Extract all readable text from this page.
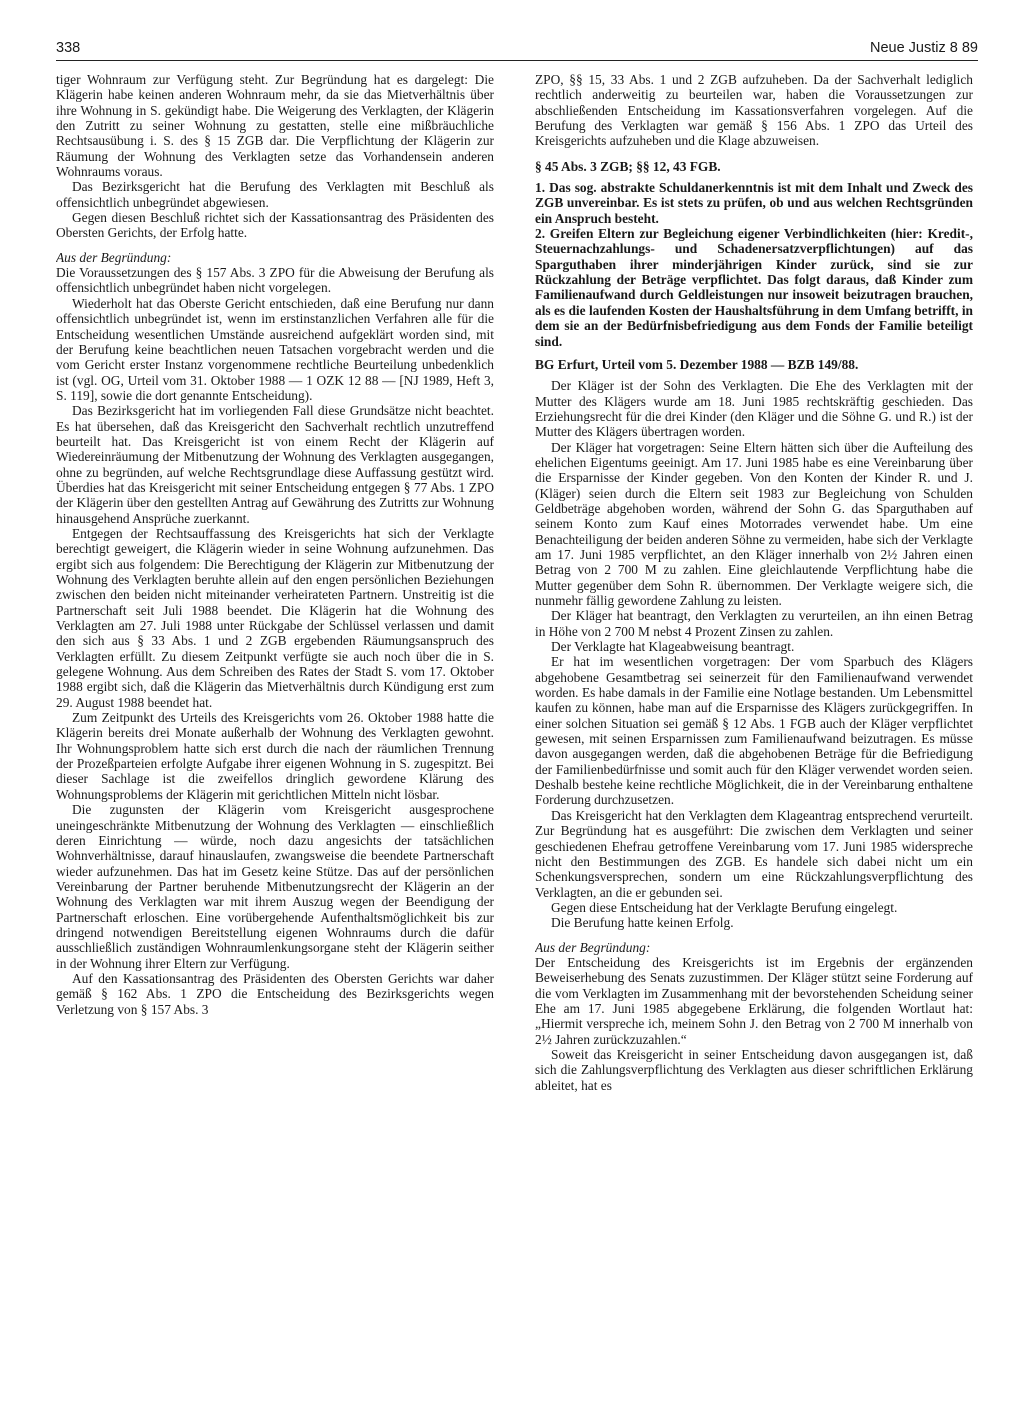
338	Neue Justiz 8 89

tiger Wohnraum zur Verfügung steht. Zur Begründung hat es dargelegt: Die Klägerin habe keinen anderen Wohnraum mehr, da sie das Mietverhältnis über ihre Wohnung in S. gekündigt habe. Die Weigerung des Verklagten, der Klägerin den Zutritt zu seiner Wohnung zu gestatten, stelle eine mißbräuchliche Rechtsausübung i. S. des § 15 ZGB dar. Die Verpflichtung der Klägerin zur Räumung der Wohnung des Verklagten setze das Vorhandensein anderen Wohnraums voraus.

Das Bezirksgericht hat die Berufung des Verklagten mit Beschluß als offensichtlich unbegründet abgewiesen.

Gegen diesen Beschluß richtet sich der Kassationsantrag des Präsidenten des Obersten Gerichts, der Erfolg hatte.

Aus der Begründung:

Die Voraussetzungen des § 157 Abs. 3 ZPO für die Abweisung der Berufung als offensichtlich unbegründet haben nicht vorgelegen.

Wiederholt hat das Oberste Gericht entschieden, daß eine Berufung nur dann offensichtlich unbegründet ist, wenn im erstinstanzlichen Verfahren alle für die Entscheidung wesentlichen Umstände ausreichend aufgeklärt worden sind, mit der Berufung keine beachtlichen neuen Tatsachen vorgebracht werden und die vom Gericht erster Instanz vorgenommene rechtliche Beurteilung unbedenklich ist (vgl. OG, Urteil vom 31. Oktober 1988 — 1 OZK 12 88 — [NJ 1989, Heft 3, S. 119], sowie die dort genannte Entscheidung).

Das Bezirksgericht hat im vorliegenden Fall diese Grundsätze nicht beachtet. Es hat übersehen, daß das Kreisgericht den Sachverhalt rechtlich unzutreffend beurteilt hat. Das Kreisgericht ist von einem Recht der Klägerin auf Wiedereinräumung der Mitbenutzung der Wohnung des Verklagten ausgegangen, ohne zu begründen, auf welche Rechtsgrundlage diese Auffassung gestützt wird. Überdies hat das Kreisgericht mit seiner Entscheidung entgegen § 77 Abs. 1 ZPO der Klägerin über den gestellten Antrag auf Gewährung des Zutritts zur Wohnung hinausgehend Ansprüche zuerkannt.

Entgegen der Rechtsauffassung des Kreisgerichts hat sich der Verklagte berechtigt geweigert, die Klägerin wieder in seine Wohnung aufzunehmen. Das ergibt sich aus folgendem: Die Berechtigung der Klägerin zur Mitbenutzung der Wohnung des Verklagten beruhte allein auf den engen persönlichen Beziehungen zwischen den beiden nicht miteinander verheirateten Partnern. Unstreitig ist die Partnerschaft seit Juli 1988 beendet. Die Klägerin hat die Wohnung des Verklagten am 27. Juli 1988 unter Rückgabe der Schlüssel verlassen und damit den sich aus § 33 Abs. 1 und 2 ZGB ergebenden Räumungsanspruch des Verklagten erfüllt. Zu diesem Zeitpunkt verfügte sie auch noch über die in S. gelegene Wohnung. Aus dem Schreiben des Rates der Stadt S. vom 17. Oktober 1988 ergibt sich, daß die Klägerin das Mietverhältnis durch Kündigung erst zum 29. August 1988 beendet hat.

Zum Zeitpunkt des Urteils des Kreisgerichts vom 26. Oktober 1988 hatte die Klägerin bereits drei Monate außerhalb der Wohnung des Verklagten gewohnt. Ihr Wohnungsproblem hatte sich erst durch die nach der räumlichen Trennung der Prozeßparteien erfolgte Aufgabe ihrer eigenen Wohnung in S. zugespitzt. Bei dieser Sachlage ist die zweifellos dringlich gewordene Klärung des Wohnungsproblems der Klägerin mit gerichtlichen Mitteln nicht lösbar.

Die zugunsten der Klägerin vom Kreisgericht ausgesprochene uneingeschränkte Mitbenutzung der Wohnung des Verklagten — einschließlich deren Einrichtung — würde, noch dazu angesichts der tatsächlichen Wohnverhältnisse, darauf hinauslaufen, zwangsweise die beendete Partnerschaft wieder aufzunehmen. Das hat im Gesetz keine Stütze. Das auf der persönlichen Vereinbarung der Partner beruhende Mitbenutzungsrecht der Klägerin an der Wohnung des Verklagten war mit ihrem Auszug wegen der Beendigung der Partnerschaft erloschen. Eine vorübergehende Aufenthaltsmöglichkeit bis zur dringend notwendigen Bereitstellung eigenen Wohnraums durch die dafür ausschließlich zuständigen Wohnraumlenkungsorgane steht der Klägerin seither in der Wohnung ihrer Eltern zur Verfügung.

Auf den Kassationsantrag des Präsidenten des Obersten Gerichts war daher gemäß § 162 Abs. 1 ZPO die Entscheidung des Bezirksgerichts wegen Verletzung von § 157 Abs. 3

ZPO, §§ 15, 33 Abs. 1 und 2 ZGB aufzuheben. Da der Sachverhalt lediglich rechtlich anderweitig zu beurteilen war, haben die Voraussetzungen zur abschließenden Entscheidung im Kassationsverfahren vorgelegen. Auf die Berufung des Verklagten war gemäß § 156 Abs. 1 ZPO das Urteil des Kreisgerichts aufzuheben und die Klage abzuweisen.

§ 45 Abs. 3 ZGB; §§ 12, 43 FGB.

1. Das sog. abstrakte Schuldanerkenntnis ist mit dem Inhalt und Zweck des ZGB unvereinbar. Es ist stets zu prüfen, ob und aus welchen Rechtsgründen ein Anspruch besteht.

2. Greifen Eltern zur Begleichung eigener Verbindlichkeiten (hier: Kredit-, Steuernachzahlungs- und Schadenersatzverpflichtungen) auf das Sparguthaben ihrer minderjährigen Kinder zurück, sind sie zur Rückzahlung der Beträge verpflichtet. Das folgt daraus, daß Kinder zum Familienaufwand durch Geldleistungen nur insoweit beizutragen brauchen, als es die laufenden Kosten der Haushaltsführung in dem Umfang betrifft, in dem sie an der Bedürfnisbefriedigung aus dem Fonds der Familie beteiligt sind.

BG Erfurt, Urteil vom 5. Dezember 1988 — BZB 149/88.

Der Kläger ist der Sohn des Verklagten. Die Ehe des Verklagten mit der Mutter des Klägers wurde am 18. Juni 1985 rechtskräftig geschieden. Das Erziehungsrecht für die drei Kinder (den Kläger und die Söhne G. und R.) ist der Mutter des Klägers übertragen worden.

Der Kläger hat vorgetragen: Seine Eltern hätten sich über die Aufteilung des ehelichen Eigentums geeinigt. Am 17. Juni 1985 habe es eine Vereinbarung über die Ersparnisse der Kinder gegeben. Von den Konten der Kinder R. und J. (Kläger) seien durch die Eltern seit 1983 zur Begleichung von Schulden Geldbeträge abgehoben worden, während der Sohn G. das Sparguthaben auf seinem Konto zum Kauf eines Motorrades verwendet habe. Um eine Benachteiligung der beiden anderen Söhne zu vermeiden, habe sich der Verklagte am 17. Juni 1985 verpflichtet, an den Kläger innerhalb von 2½ Jahren einen Betrag von 2 700 M zu zahlen. Eine gleichlautende Verpflichtung habe die Mutter gegenüber dem Sohn R. übernommen. Der Verklagte weigere sich, die nunmehr fällig gewordene Zahlung zu leisten.

Der Kläger hat beantragt, den Verklagten zu verurteilen, an ihn einen Betrag in Höhe von 2 700 M nebst 4 Prozent Zinsen zu zahlen.

Der Verklagte hat Klageabweisung beantragt.

Er hat im wesentlichen vorgetragen: Der vom Sparbuch des Klägers abgehobene Gesamtbetrag sei seinerzeit für den Familienaufwand verwendet worden. Es habe damals in der Familie eine Notlage bestanden. Um Lebensmittel kaufen zu können, habe man auf die Ersparnisse des Klägers zurückgegriffen. In einer solchen Situation sei gemäß § 12 Abs. 1 FGB auch der Kläger verpflichtet gewesen, mit seinen Ersparnissen zum Familienaufwand beizutragen. Es müsse davon ausgegangen werden, daß die abgehobenen Beträge für die Befriedigung der Familienbedürfnisse und somit auch für den Kläger verwendet worden seien. Deshalb bestehe keine rechtliche Möglichkeit, die in der Vereinbarung enthaltene Forderung durchzusetzen.

Das Kreisgericht hat den Verklagten dem Klageantrag entsprechend verurteilt. Zur Begründung hat es ausgeführt: Die zwischen dem Verklagten und seiner geschiedenen Ehefrau getroffene Vereinbarung vom 17. Juni 1985 widerspreche nicht den Bestimmungen des ZGB. Es handele sich dabei nicht um ein Schenkungsversprechen, sondern um eine Rückzahlungsverpflichtung des Verklagten, an die er gebunden sei.

Gegen diese Entscheidung hat der Verklagte Berufung eingelegt.

Die Berufung hatte keinen Erfolg.

Aus der Begründung:

Der Entscheidung des Kreisgerichts ist im Ergebnis der ergänzenden Beweiserhebung des Senats zuzustimmen. Der Kläger stützt seine Forderung auf die vom Verklagten im Zusammenhang mit der bevorstehenden Scheidung seiner Ehe am 17. Juni 1985 abgegebene Erklärung, die folgenden Wortlaut hat: „Hiermit verspreche ich, meinem Sohn J. den Betrag von 2 700 M innerhalb von 2½ Jahren zurückzuzahlen.“

Soweit das Kreisgericht in seiner Entscheidung davon ausgegangen ist, daß sich die Zahlungsverpflichtung des Verklagten aus dieser schriftlichen Erklärung ableitet, hat es
